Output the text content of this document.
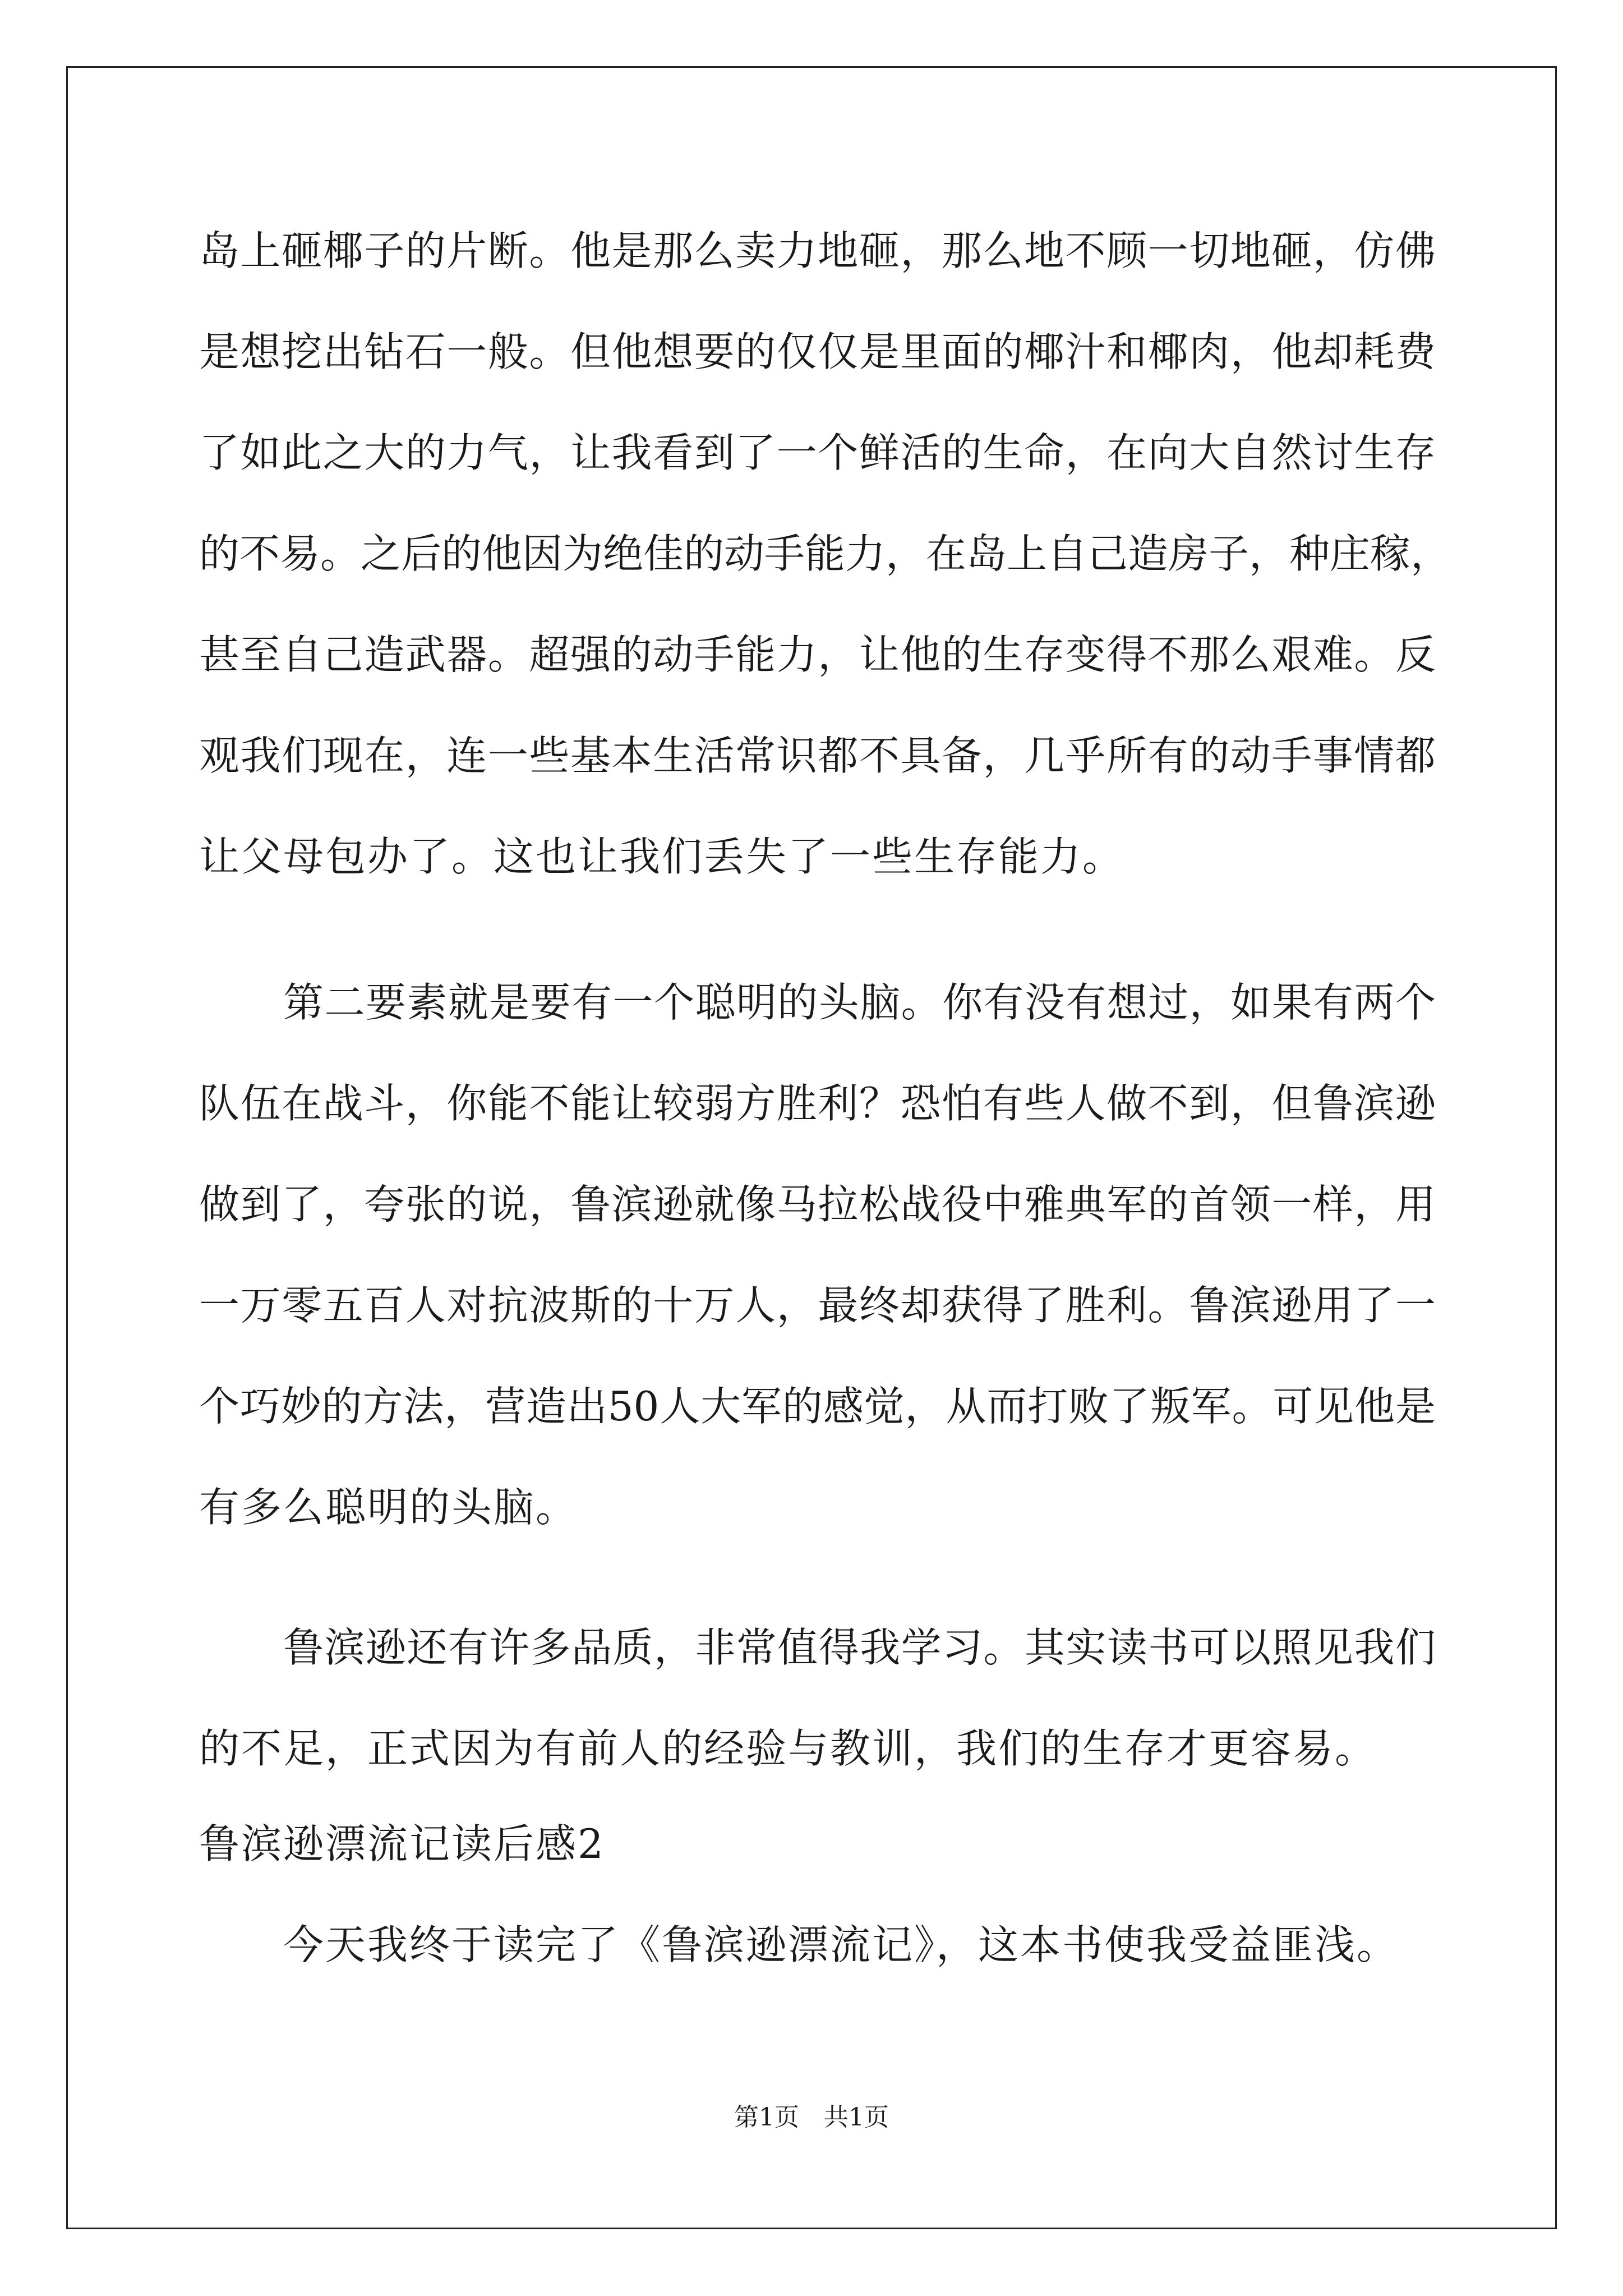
岛上砸椰子的片断。他是那么卖力地砸，那么地不顾一切地砸，仿佛
是想挖出钻石一般。但他想要的仅仅是里面的椰汁和椰肉，他却耗费
了如此之大的力气，让我看到了一个鲜活的生命，在向大自然讨生存
的不易。之后的他因为绝佳的动手能力，在岛上自己造房子，种庄稼，
甚至自己造武器。超强的动手能力，让他的生存变得不那么艰难。反
观我们现在，连一些基本生活常识都不具备，几乎所有的动手事情都
让父母包办了。这也让我们丢失了一些生存能力。
第二要素就是要有一个聪明的头脑。你有没有想过，如果有两个
队伍在战斗，你能不能让较弱方胜利？恐怕有些人做不到，但鲁滨逊
做到了，夸张的说，鲁滨逊就像马拉松战役中雅典军的首领一样，用
一万零五百人对抗波斯的十万人，最终却获得了胜利。鲁滨逊用了一
个巧妙的方法，营造出50人大军的感觉，从而打败了叛军。可见他是
有多么聪明的头脑。
鲁滨逊还有许多品质，非常值得我学习。其实读书可以照见我们
的不足，正式因为有前人的经验与教训，我们的生存才更容易。
鲁滨逊漂流记读后感2
今天我终于读完了《鲁滨逊漂流记》，这本书使我受益匪浅。
第1页　共1页
